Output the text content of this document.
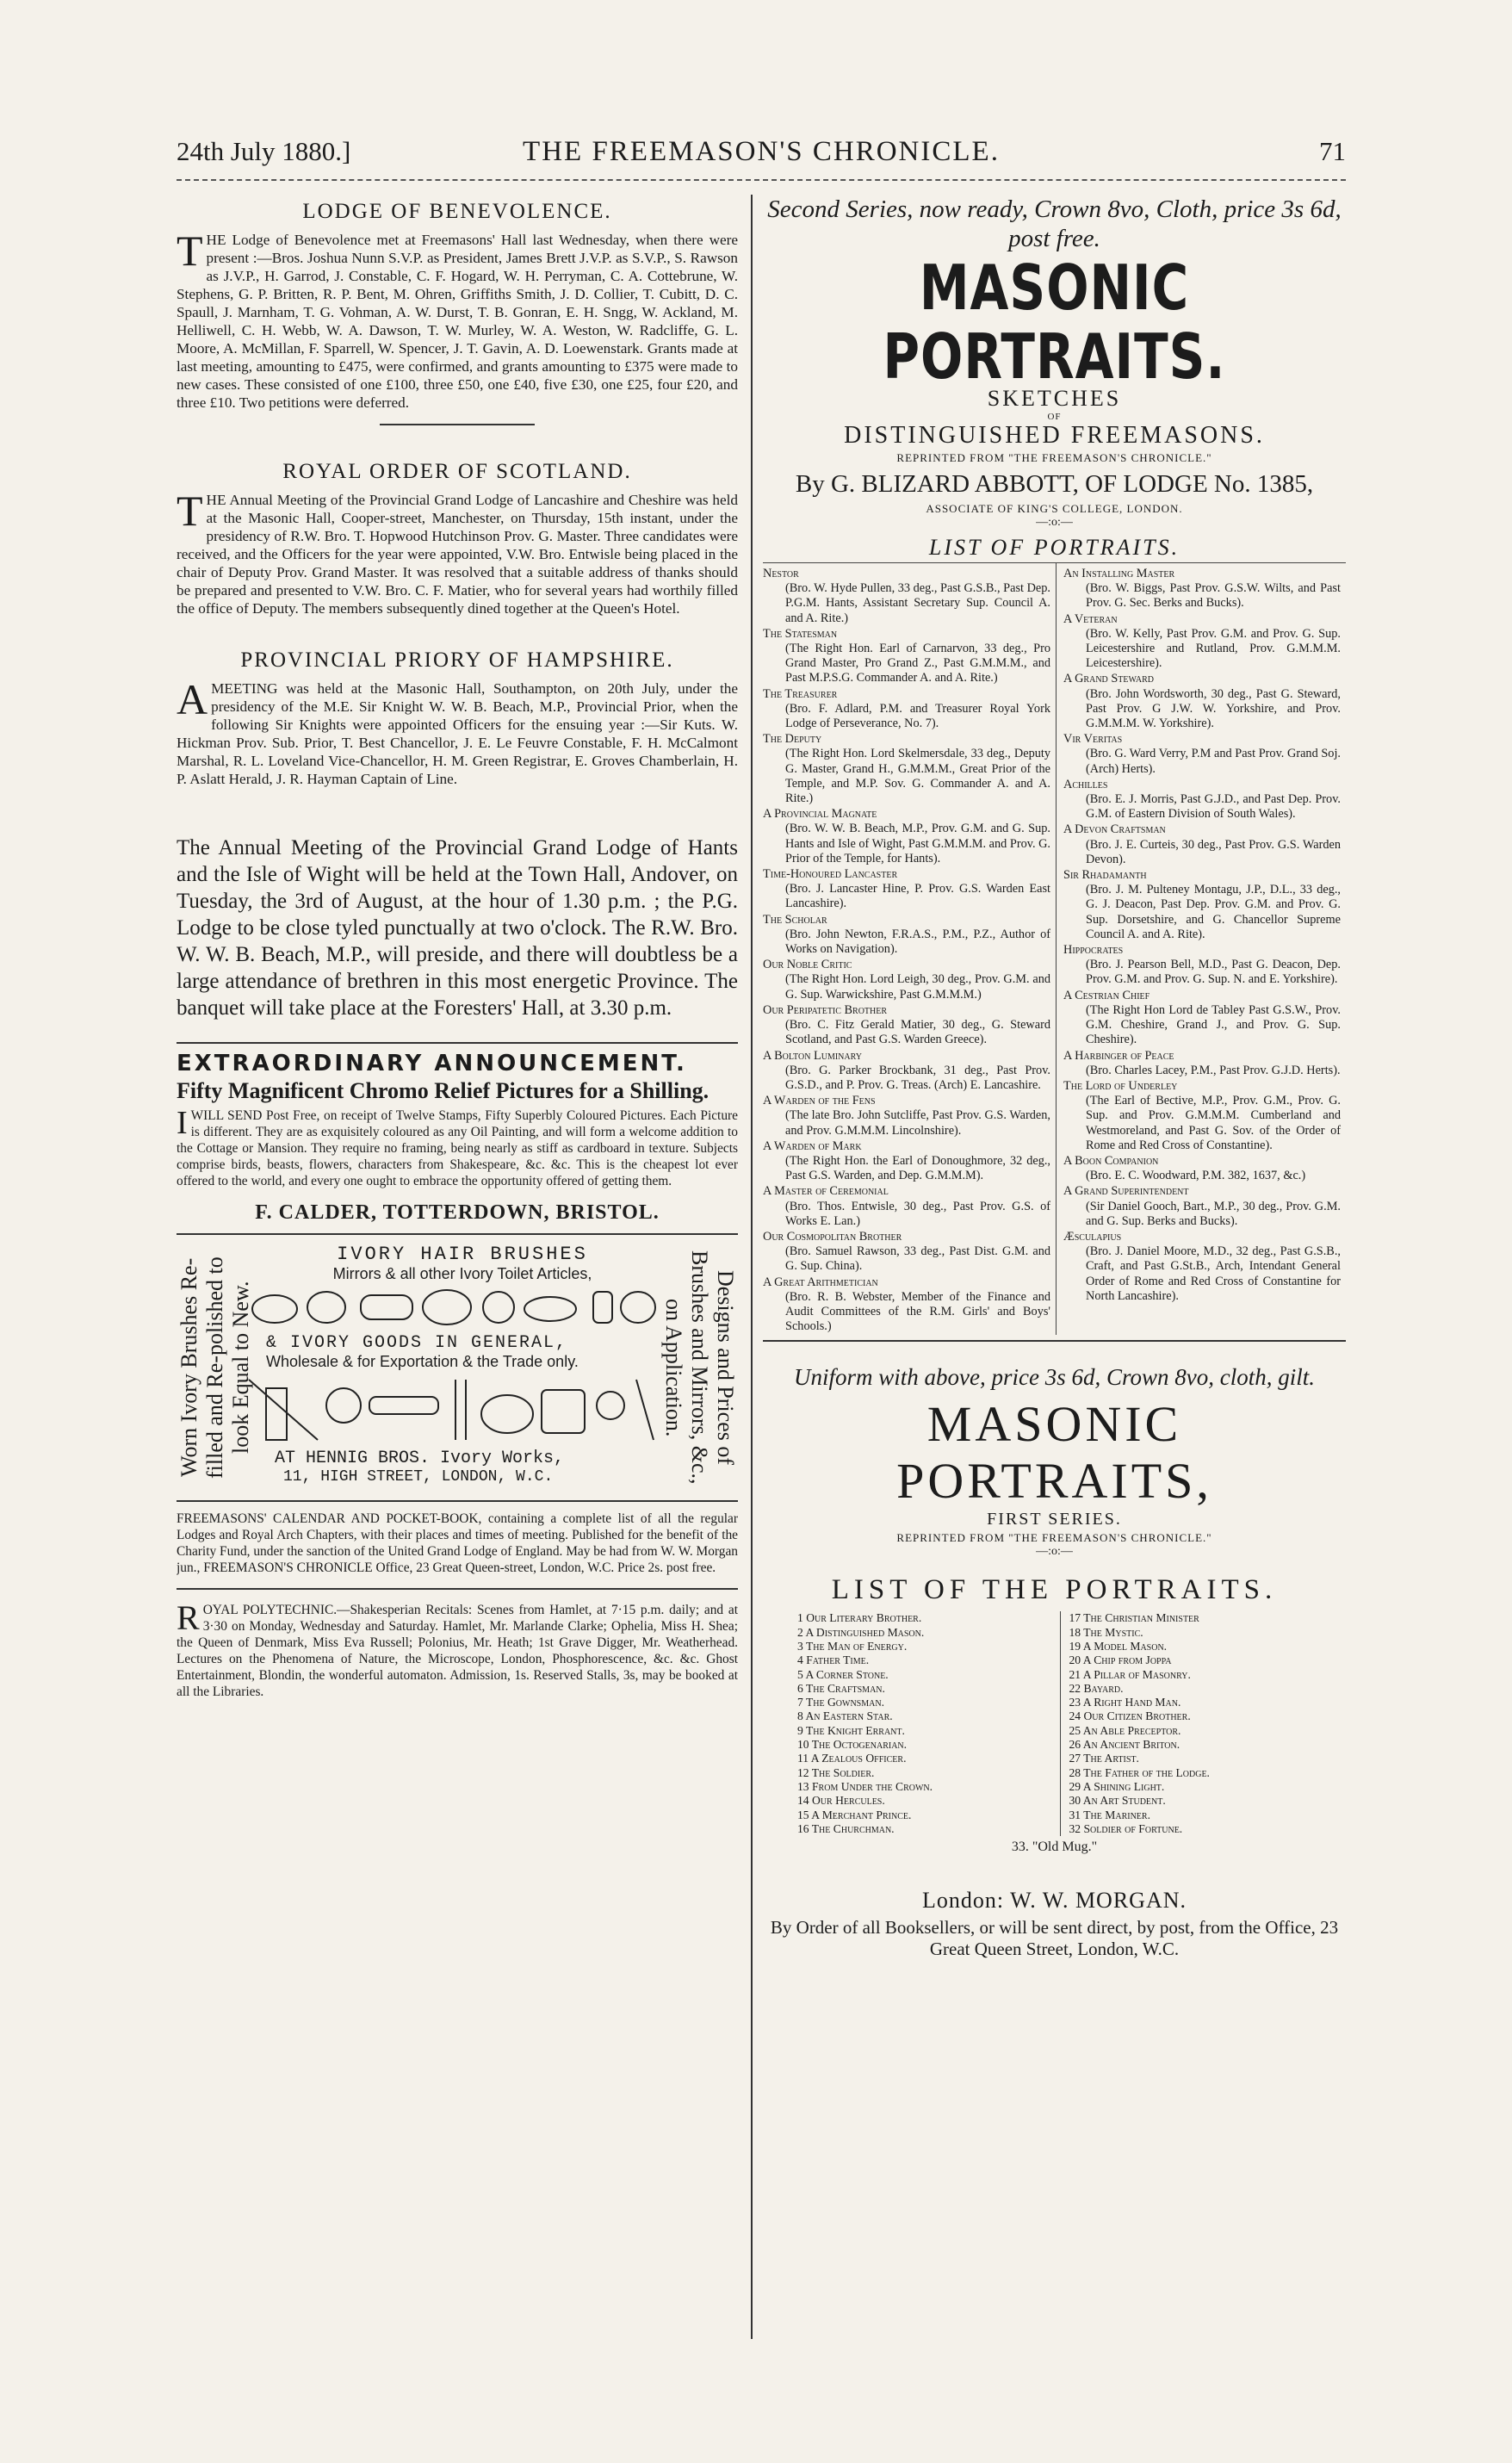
24th July 1880.]	THE FREEMASON'S CHRONICLE.	71
LODGE OF BENEVOLENCE.

THE Lodge of Benevolence met at Freemasons' Hall last Wednesday, when there were present :—Bros. Joshua Nunn S.V.P. as President, James Brett J.V.P. as S.V.P., S. Rawson as J.V.P., H. Garrod, J. Constable, C. F. Hogard, W. H. Perryman, C. A. Cottebrune, W. Stephens, G. P. Britten, R. P. Bent, M. Ohren, Griffiths Smith, J. D. Collier, T. Cubitt, D. C. Spaull, J. Marnham, T. G. Vohman, A. W. Durst, T. B. Gonran, E. H. Sngg, W. Ackland, M. Helliwell, C. H. Webb, W. A. Dawson, T. W. Murley, W. A. Weston, W. Radcliffe, G. L. Moore, A. McMillan, F. Sparrell, W. Spencer, J. T. Gavin, A. D. Loewenstark. Grants made at last meeting, amounting to £475, were confirmed, and grants amounting to £375 were made to new cases. These consisted of one £100, three £50, one £40, five £30, one £25, four £20, and three £10. Two petitions were deferred.

ROYAL ORDER OF SCOTLAND.

THE Annual Meeting of the Provincial Grand Lodge of Lancashire and Cheshire was held at the Masonic Hall, Cooper-street, Manchester, on Thursday, 15th instant, under the presidency of R.W. Bro. T. Hopwood Hutchinson Prov. G. Master. Three candidates were received, and the Officers for the year were appointed, V.W. Bro. Entwisle being placed in the chair of Deputy Prov. Grand Master. It was resolved that a suitable address of thanks should be prepared and presented to V.W. Bro. C. F. Matier, who for several years had worthily filled the office of Deputy. The members subsequently dined together at the Queen's Hotel.

PROVINCIAL PRIORY OF HAMPSHIRE.

AMEETING was held at the Masonic Hall, Southampton, on 20th July, under the presidency of the M.E. Sir Knight W. W. B. Beach, M.P., Provincial Prior, when the following Sir Knights were appointed Officers for the ensuing year :—Sir Kuts. W. Hickman Prov. Sub. Prior, T. Best Chancellor, J. E. Le Feuvre Constable, F. H. McCalmont Marshal, R. L. Loveland Vice-Chancellor, H. M. Green Registrar, E. Groves Chamberlain, H. P. Aslatt Herald, J. R. Hayman Captain of Line.

The Annual Meeting of the Provincial Grand Lodge of Hants and the Isle of Wight will be held at the Town Hall, Andover, on Tuesday, the 3rd of August, at the hour of 1.30 p.m. ; the P.G. Lodge to be close tyled punctually at two o'clock. The R.W. Bro. W. W. B. Beach, M.P., will preside, and there will doubtless be a large attendance of brethren in this most energetic Province. The banquet will take place at the Foresters' Hall, at 3.30 p.m.

EXTRAORDINARY ANNOUNCEMENT.
Fifty Magnificent Chromo Relief Pictures for a Shilling.

IWILL SEND Post Free, on receipt of Twelve Stamps, Fifty Superbly Coloured Pictures. Each Picture is different. They are as exquisitely coloured as any Oil Painting, and will form a welcome addition to the Cottage or Mansion. They require no framing, being nearly as stiff as cardboard in texture. Subjects comprise birds, beasts, flowers, characters from Shakespeare, &c. &c. This is the cheapest lot ever offered to the world, and every one ought to embrace the opportunity offered of getting them.

F. CALDER, TOTTERDOWN, BRISTOL.
Worn Ivory Brushes Re-filled and Re-polished to look Equal to New.
IVORY HAIR BRUSHES
Mirrors & all other Ivory Toilet Articles,
& IVORY GOODS IN GENERAL,
Wholesale & for Exportation & the Trade only.
AT HENNIG BROS. Ivory Works,
11, HIGH STREET, LONDON, W.C.
Designs and Prices of Brushes and Mirrors, &c., on Application.

FREEMASONS' CALENDAR AND POCKET-BOOK, containing a complete list of all the regular Lodges and Royal Arch Chapters, with their places and times of meeting. Published for the benefit of the Charity Fund, under the sanction of the United Grand Lodge of England. May be had from W. W. Morgan jun., FREEMASON'S CHRONICLE Office, 23 Great Queen-street, London, W.C. Price 2s. post free.

ROYAL POLYTECHNIC.—Shakesperian Recitals: Scenes from Hamlet, at 7·15 p.m. daily; and at 3·30 on Monday, Wednesday and Saturday. Hamlet, Mr. Marlande Clarke; Ophelia, Miss H. Shea; the Queen of Denmark, Miss Eva Russell; Polonius, Mr. Heath; 1st Grave Digger, Mr. Weatherhead. Lectures on the Phenomena of Nature, the Microscope, London, Phosphorescence, &c. &c. Ghost Entertainment, Blondin, the wonderful automaton. Admission, 1s. Reserved Stalls, 3s, may be booked at all the Libraries.

Second Series, now ready, Crown 8vo, Cloth, price 3s 6d, post free.
MASONIC PORTRAITS.
SKETCHES
OF
DISTINGUISHED FREEMASONS.
REPRINTED FROM "THE FREEMASON'S CHRONICLE."
By G. BLIZARD ABBOTT, OF LODGE No. 1385,
ASSOCIATE OF KING'S COLLEGE, LONDON.
—:o:—
LIST OF PORTRAITS.
Nestor
(Bro. W. Hyde Pullen, 33 deg., Past G.S.B., Past Dep. P.G.M. Hants, Assistant Secretary Sup. Council A. and A. Rite.)
The Statesman
(The Right Hon. Earl of Carnarvon, 33 deg., Pro Grand Master, Pro Grand Z., Past G.M.M.M., and Past M.P.S.G. Commander A. and A. Rite.)
The Treasurer
(Bro. F. Adlard, P.M. and Treasurer Royal York Lodge of Perseverance, No. 7).
The Deputy
(The Right Hon. Lord Skelmersdale, 33 deg., Deputy G. Master, Grand H., G.M.M.M., Great Prior of the Temple, and M.P. Sov. G. Commander A. and A. Rite.)
A Provincial Magnate
(Bro. W. W. B. Beach, M.P., Prov. G.M. and G. Sup. Hants and Isle of Wight, Past G.M.M.M. and Prov. G. Prior of the Temple, for Hants).
Time-Honoured Lancaster
(Bro. J. Lancaster Hine, P. Prov. G.S. Warden East Lancashire).
The Scholar
(Bro. John Newton, F.R.A.S., P.M., P.Z., Author of Works on Navigation).
Our Noble Critic
(The Right Hon. Lord Leigh, 30 deg., Prov. G.M. and G. Sup. Warwickshire, Past G.M.M.M.)
Our Peripatetic Brother
(Bro. C. Fitz Gerald Matier, 30 deg., G. Steward Scotland, and Past G.S. Warden Greece).
A Bolton Luminary
(Bro. G. Parker Brockbank, 31 deg., Past Prov. G.S.D., and P. Prov. G. Treas. (Arch) E. Lancashire.
A Warden of the Fens
(The late Bro. John Sutcliffe, Past Prov. G.S. Warden, and Prov. G.M.M.M. Lincolnshire).
A Warden of Mark
(The Right Hon. the Earl of Donoughmore, 32 deg., Past G.S. Warden, and Dep. G.M.M.M).
A Master of Ceremonial
(Bro. Thos. Entwisle, 30 deg., Past Prov. G.S. of Works E. Lan.)
Our Cosmopolitan Brother
(Bro. Samuel Rawson, 33 deg., Past Dist. G.M. and G. Sup. China).
A Great Arithmetician
(Bro. R. B. Webster, Member of the Finance and Audit Committees of the R.M. Girls' and Boys' Schools.)
An Installing Master
(Bro. W. Biggs, Past Prov. G.S.W. Wilts, and Past Prov. G. Sec. Berks and Bucks).
A Veteran
(Bro. W. Kelly, Past Prov. G.M. and Prov. G. Sup. Leicestershire and Rutland, Prov. G.M.M.M. Leicestershire).
A Grand Steward
(Bro. John Wordsworth, 30 deg., Past G. Steward, Past Prov. G J.W. W. Yorkshire, and Prov. G.M.M.M. W. Yorkshire).
Vir Veritas
(Bro. G. Ward Verry, P.M and Past Prov. Grand Soj. (Arch) Herts).
Achilles
(Bro. E. J. Morris, Past G.J.D., and Past Dep. Prov. G.M. of Eastern Division of South Wales).
A Devon Craftsman
(Bro. J. E. Curteis, 30 deg., Past Prov. G.S. Warden Devon).
Sir Rhadamanth
(Bro. J. M. Pulteney Montagu, J.P., D.L., 33 deg., G. J. Deacon, Past Dep. Prov. G.M. and Prov. G. Sup. Dorsetshire, and G. Chancellor Supreme Council A. and A. Rite).
Hippocrates
(Bro. J. Pearson Bell, M.D., Past G. Deacon, Dep. Prov. G.M. and Prov. G. Sup. N. and E. Yorkshire).
A Cestrian Chief
(The Right Hon Lord de Tabley Past G.S.W., Prov. G.M. Cheshire, Grand J., and Prov. G. Sup. Cheshire).
A Harbinger of Peace
(Bro. Charles Lacey, P.M., Past Prov. G.J.D. Herts).
The Lord of Underley
(The Earl of Bective, M.P., Prov. G.M., Prov. G. Sup. and Prov. G.M.M.M. Cumberland and Westmoreland, and Past G. Sov. of the Order of Rome and Red Cross of Constantine).
A Boon Companion
(Bro. E. C. Woodward, P.M. 382, 1637, &c.)
A Grand Superintendent
(Sir Daniel Gooch, Bart., M.P., 30 deg., Prov. G.M. and G. Sup. Berks and Bucks).
Æsculapius
(Bro. J. Daniel Moore, M.D., 32 deg., Past G.S.B., Craft, and Past G.St.B., Arch, Intendant General Order of Rome and Red Cross of Constantine for North Lancashire).
Uniform with above, price 3s 6d, Crown 8vo, cloth, gilt.
MASONIC PORTRAITS,
FIRST SERIES.
REPRINTED FROM "THE FREEMASON'S CHRONICLE."
—:o:—
LIST OF THE PORTRAITS.
1 Our Literary Brother.
2 A Distinguished Mason.
3 The Man of Energy.
4 Father Time.
5 A Corner Stone.
6 The Craftsman.
7 The Gownsman.
8 An Eastern Star.
9 The Knight Errant.
10 The Octogenarian.
11 A Zealous Officer.
12 The Soldier.
13 From Under the Crown.
14 Our Hercules.
15 A Merchant Prince.
16 The Churchman.
17 The Christian Minister
18 The Mystic.
19 A Model Mason.
20 A Chip from Joppa
21 A Pillar of Masonry.
22 Bayard.
23 A Right Hand Man.
24 Our Citizen Brother.
25 An Able Preceptor.
26 An Ancient Briton.
27 The Artist.
28 The Father of the Lodge.
29 A Shining Light.
30 An Art Student.
31 The Mariner.
32 Soldier of Fortune.
33. "Old Mug."
London: W. W. MORGAN.
By Order of all Booksellers, or will be sent direct, by post, from the Office, 23 Great Queen Street, London, W.C.
